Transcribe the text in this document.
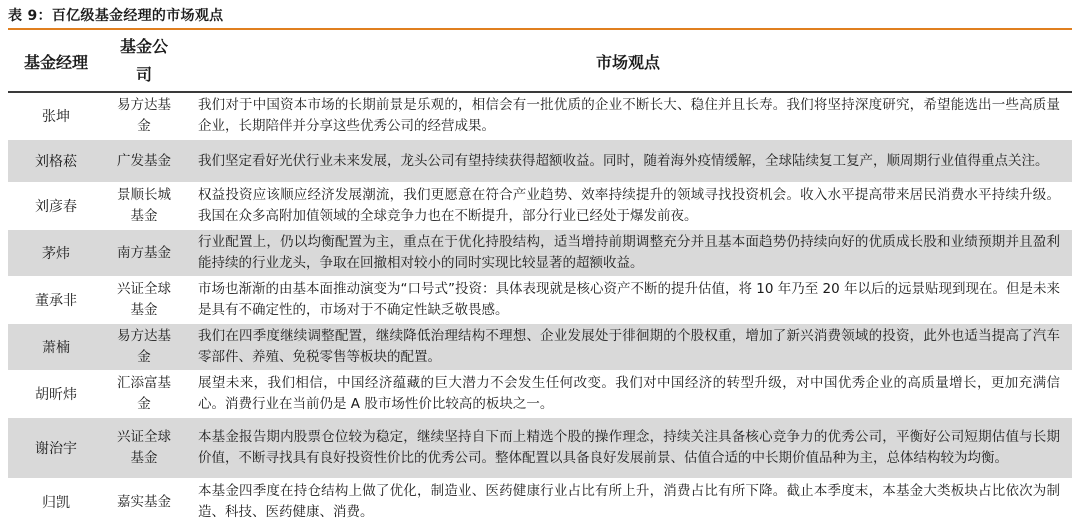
表 9：百亿级基金经理的市场观点
基金经理	基金公司	市场观点
张坤	易方达基金	我们对于中国资本市场的长期前景是乐观的，相信会有一批优质的企业不断长大、稳住并且长寿。我们将坚持深度研究，希望能选出一些高质量企业，长期陪伴并分享这些优秀公司的经营成果。
刘格菘	广发基金	我们坚定看好光伏行业未来发展，龙头公司有望持续获得超额收益。同时，随着海外疫情缓解，全球陆续复工复产，顺周期行业值得重点关注。
刘彦春	景顺长城基金	权益投资应该顺应经济发展潮流，我们更愿意在符合产业趋势、效率持续提升的领域寻找投资机会。收入水平提高带来居民消费水平持续升级。我国在众多高附加值领域的全球竞争力也在不断提升，部分行业已经处于爆发前夜。
茅炜	南方基金	行业配置上，仍以均衡配置为主，重点在于优化持股结构，适当增持前期调整充分并且基本面趋势仍持续向好的优质成长股和业绩预期并且盈利能持续的行业龙头，争取在回撤相对较小的同时实现比较显著的超额收益。
董承非	兴证全球基金	市场也渐渐的由基本面推动演变为“口号式”投资：具体表现就是核心资产不断的提升估值，将 10 年乃至 20 年以后的远景贴现到现在。但是未来是具有不确定性的，市场对于不确定性缺乏敬畏感。
萧楠	易方达基金	我们在四季度继续调整配置，继续降低治理结构不理想、企业发展处于徘徊期的个股权重，增加了新兴消费领域的投资，此外也适当提高了汽车零部件、养殖、免税零售等板块的配置。
胡昕炜	汇添富基金	展望未来，我们相信，中国经济蕴藏的巨大潜力不会发生任何改变。我们对中国经济的转型升级，对中国优秀企业的高质量增长，更加充满信心。消费行业在当前仍是 A 股市场性价比较高的板块之一。
谢治宇	兴证全球基金	本基金报告期内股票仓位较为稳定，继续坚持自下而上精选个股的操作理念，持续关注具备核心竞争力的优秀公司，平衡好公司短期估值与长期价值，不断寻找具有良好投资性价比的优秀公司。整体配置以具备良好发展前景、估值合适的中长期价值品种为主，总体结构较为均衡。
归凯	嘉实基金	本基金四季度在持仓结构上做了优化，制造业、医药健康行业占比有所上升，消费占比有所下降。截止本季度末，本基金大类板块占比依次为制造、科技、医药健康、消费。
